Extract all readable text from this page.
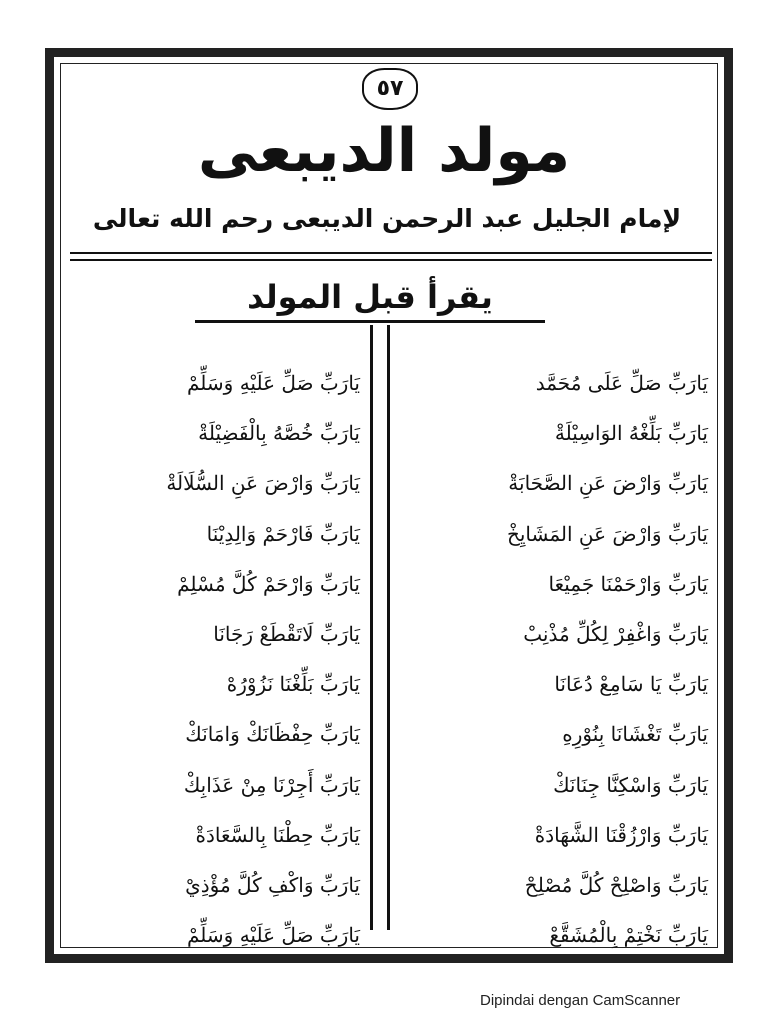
٥٧
مولد الديبعى
لإمام الجليل عبد الرحمن الديبعى رحم الله تعالى
يقرأ قبل المولد
يَارَبِّ صَلِّ عَلَى مُحَمَّد
يَارَبِّ بَلِّغْهُ الوَاسِيْلَةْ
يَارَبِّ وَارْضَ عَنِ الصَّحَابَةْ
يَارَبِّ وَارْضَ عَنِ المَشَايِخْ
يَارَبِّ وَارْحَمْنَا جَمِيْعَا
يَارَبِّ وَاغْفِرْ لِكُلِّ مُذْنِبْ
يَارَبِّ يَا سَامِعْ دُعَانَا
يَارَبِّ تَغْشَانَا بِنُوْرِهِ
يَارَبِّ وَاسْكِنَّا جِنَانَكْ
يَارَبِّ وَارْزُقْنَا الشَّهَادَةْ
يَارَبِّ وَاصْلِحْ كُلَّ مُصْلِحْ
يَارَبِّ نَخْتِمْ بِالْمُشَقَّعْ
يَارَبِّ صَلِّ عَلَيْهِ وَسَلِّمْ
يَارَبِّ خُصَّهُ بِالْفَضِيْلَةْ
يَارَبِّ وَارْضَ عَنِ السُّلَالَةْ
يَارَبِّ فَارْحَمْ وَالِدِيْنَا
يَارَبِّ وَارْحَمْ كُلَّ مُسْلِمْ
يَارَبِّ لَاتَقْطَعْ رَجَانَا
يَارَبِّ بَلِّغْنَا نَزُوْرُهْ
يَارَبِّ حِفْظَانَكْ وَامَانَكْ
يَارَبِّ أَجِرْنَا مِنْ عَذَابِكْ
يَارَبِّ حِطْنَا بِالسَّعَادَةْ
يَارَبِّ وَاكْفِ كُلَّ مُؤْذِيْ
يَارَبِّ صَلِّ عَلَيْهِ وَسَلِّمْ
Dipindai dengan CamScanner
